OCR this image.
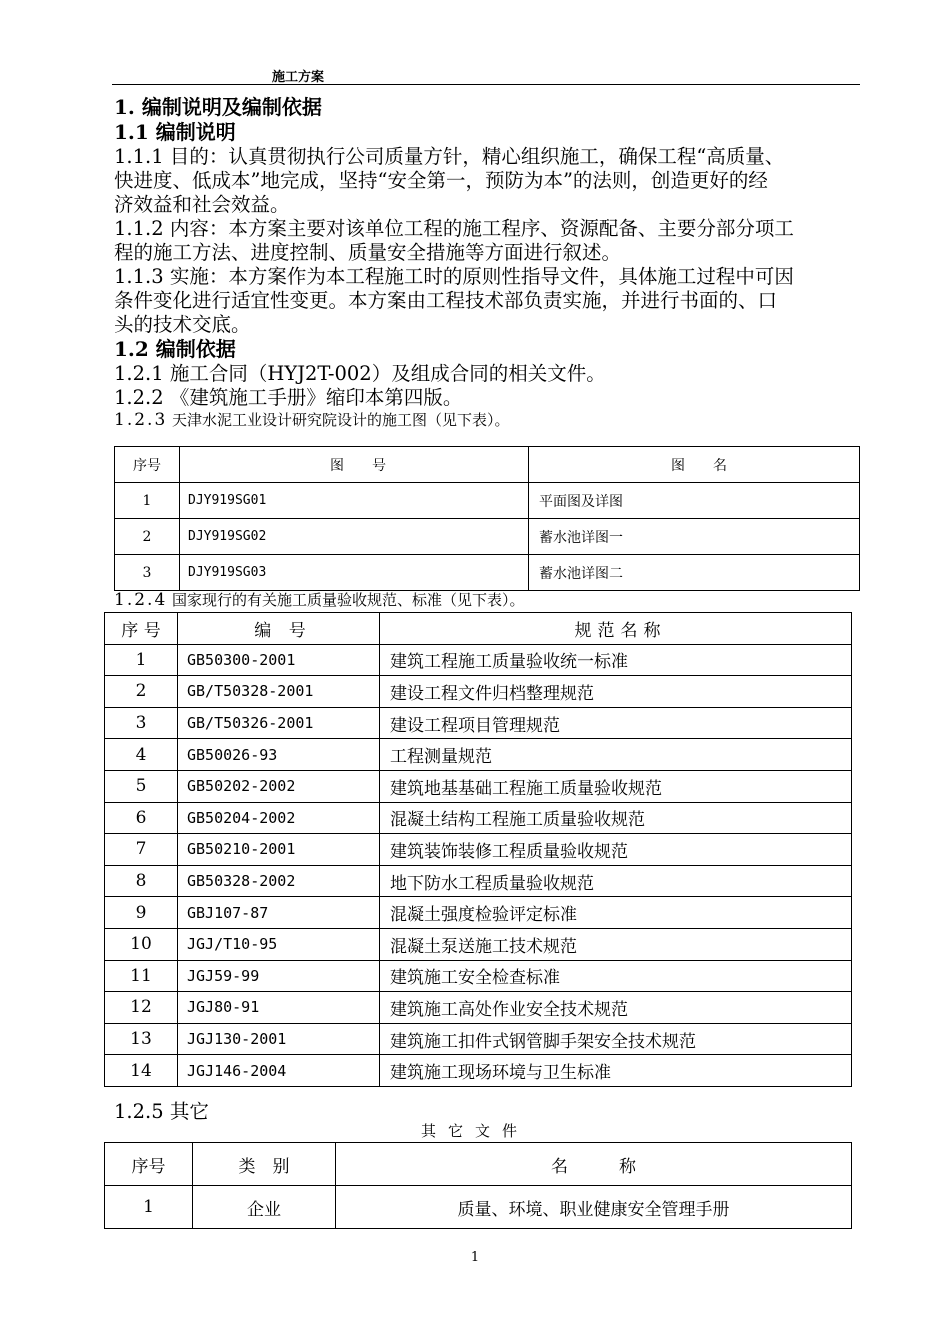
施工方案

1. 编制说明及编制依据

1.1 编制说明

1.1.1 目的：认真贯彻执行公司质量方针，精心组织施工，确保工程“高质量、

快进度、低成本”地完成，坚持“安全第一，预防为本”的法则，创造更好的经

济效益和社会效益。

1.1.2 内容：本方案主要对该单位工程的施工程序、资源配备、主要分部分项工

程的施工方法、进度控制、质量安全措施等方面进行叙述。

1.1.3 实施：本方案作为本工程施工时的原则性指导文件，具体施工过程中可因

条件变化进行适宜性变更。本方案由工程技术部负责实施，并进行书面的、口

头的技术交底。

1.2 编制依据

1.2.1 施工合同（HYJ2T-002）及组成合同的相关文件。

1.2.2 《建筑施工手册》缩印本第四版。

1.2.3 天津水泥工业设计研究院设计的施工图（见下表）。

序号	图　　号	图　　名
1	DJY919SG01	平面图及详图
2	DJY919SG02	蓄水池详图一
3	DJY919SG03	蓄水池详图二

1.2.4 国家现行的有关施工质量验收规范、标准（见下表）。

序 号	编 号	规范名称
1	GB50300-2001	建筑工程施工质量验收统一标准
2	GB/T50328-2001	建设工程文件归档整理规范
3	GB/T50326-2001	建设工程项目管理规范
4	GB50026-93	工程测量规范
5	GB50202-2002	建筑地基基础工程施工质量验收规范
6	GB50204-2002	混凝土结构工程施工质量验收规范
7	GB50210-2001	建筑装饰装修工程质量验收规范
8	GB50328-2002	地下防水工程质量验收规范
9	GBJ107-87	混凝土强度检验评定标准
10	JGJ/T10-95	混凝土泵送施工技术规范
11	JGJ59-99	建筑施工安全检查标准
12	JGJ80-91	建筑施工高处作业安全技术规范
13	JGJ130-2001	建筑施工扣件式钢管脚手架安全技术规范
14	JGJ146-2004	建筑施工现场环境与卫生标准

1.2.5 其它

其它文件
序号	类　别	名　　　称
1	企业	质量、环境、职业健康安全管理手册
1
